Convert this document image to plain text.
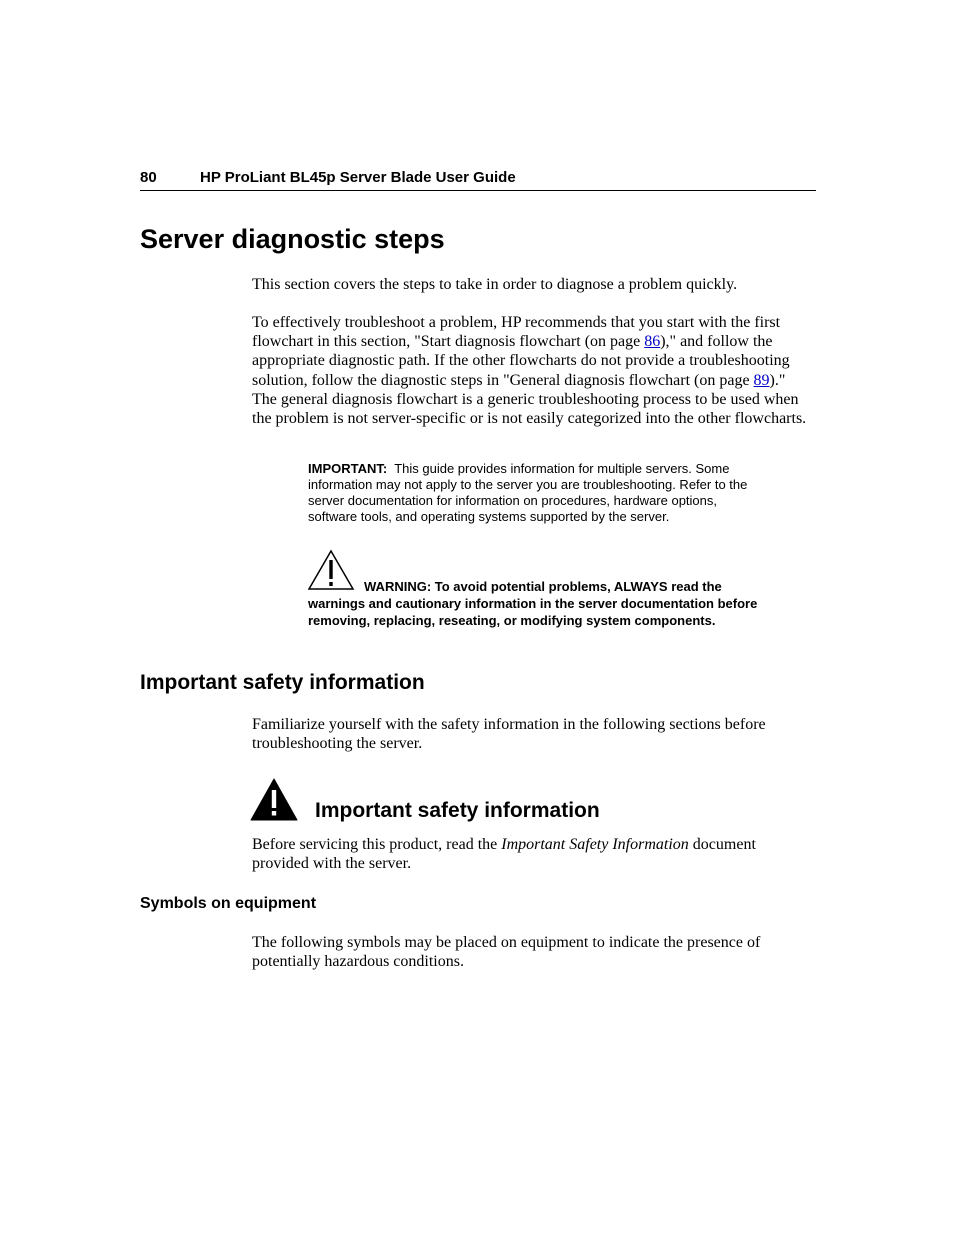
80	HP ProLiant BL45p Server Blade User Guide
Server diagnostic steps

This section covers the steps to take in order to diagnose a problem quickly.

To effectively troubleshoot a problem, HP recommends that you start with the first flowchart in this section, "Start diagnosis flowchart (on page 86)," and follow the appropriate diagnostic path. If the other flowcharts do not provide a troubleshooting solution, follow the diagnostic steps in "General diagnosis flowchart (on page 89)." The general diagnosis flowchart is a generic troubleshooting process to be used when the problem is not server-specific or is not easily categorized into the other flowcharts.

IMPORTANT: This guide provides information for multiple servers. Some information may not apply to the server you are troubleshooting. Refer to the server documentation for information on procedures, hardware options, software tools, and operating systems supported by the server.

WARNING: To avoid potential problems, ALWAYS read the warnings and cautionary information in the server documentation before removing, replacing, reseating, or modifying system components.

Important safety information

Familiarize yourself with the safety information in the following sections before troubleshooting the server.

Important safety information

Before servicing this product, read the Important Safety Information document provided with the server.

Symbols on equipment

The following symbols may be placed on equipment to indicate the presence of potentially hazardous conditions.
